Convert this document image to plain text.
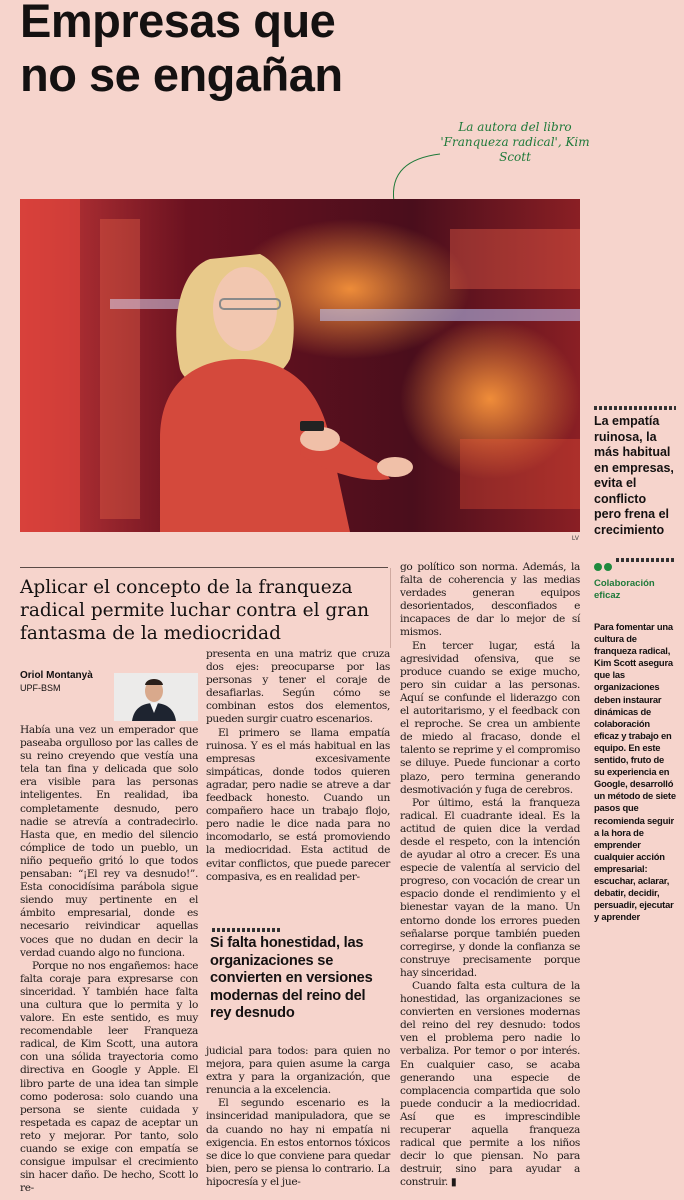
Empresas que
no se engañan
La autora del libro 'Franqueza radical', Kim Scott
LV
La empatía ruinosa, la más habitual en empresas, evita el conflicto pero frena el crecimiento
Colaboración eficaz
Para fomentar una cultura de franqueza radical, Kim Scott asegura que las organizaciones deben instaurar dinámicas de colaboración eficaz y trabajo en equipo. En este sentido, fruto de su experiencia en Google, desarrolló un método de siete pasos que recomienda seguir a la hora de emprender cualquier acción empresarial: escuchar, aclarar, debatir, decidir, persuadir, ejecutar y aprender
Aplicar el concepto de la franqueza radical permite luchar contra el gran fantasma de la mediocridad
Oriol Montanyà
UPF-BSM

Había una vez un emperador que paseaba orgulloso por las calles de su reino creyendo que vestía una tela tan fina y delicada que solo era visible para las personas inteligentes. En realidad, iba completamente desnudo, pero nadie se atrevía a contradecirlo. Hasta que, en medio del silencio cómplice de todo un pueblo, un niño pequeño gritó lo que todos pensaban: “¡El rey va desnudo!”. Esta conocidísima parábola sigue siendo muy pertinente en el ámbito empresarial, donde es necesario reivindicar aquellas voces que no dudan en decir la verdad cuando algo no funciona.

Porque no nos engañemos: hace falta coraje para expresarse con sinceridad. Y también hace falta una cultura que lo permita y lo valore. En este sentido, es muy recomendable leer Franqueza radical, de Kim Scott, una autora con una sólida trayectoria como directiva en Google y Apple. El libro parte de una idea tan simple como poderosa: solo cuando una persona se siente cuidada y respetada es capaz de aceptar un reto y mejorar. Por tanto, solo cuando se exige con empatía se consigue impulsar el crecimiento sin hacer daño. De hecho, Scott lo re-

presenta en una matriz que cruza dos ejes: preocuparse por las personas y tener el coraje de desafiarlas. Según cómo se combinan estos dos elementos, pueden surgir cuatro escenarios.

El primero se llama empatía ruinosa. Y es el más habitual en las empresas excesivamente simpáticas, donde todos quieren agradar, pero nadie se atreve a dar feedback honesto. Cuando un compañero hace un trabajo flojo, pero nadie le dice nada para no incomodarlo, se está promoviendo la mediocridad. Esta actitud de evitar conflictos, que puede parecer compasiva, es en realidad per-

Si falta honestidad, las organizaciones se convierten en versiones modernas del reino del rey desnudo

judicial para todos: para quien no mejora, para quien asume la carga extra y para la organización, que renuncia a la excelencia.

El segundo escenario es la insinceridad manipuladora, que se da cuando no hay ni empatía ni exigencia. En estos entornos tóxicos se dice lo que conviene para quedar bien, pero se piensa lo contrario. La hipocresía y el jue-

go político son norma. Además, la falta de coherencia y las medias verdades generan equipos desorientados, desconfiados e incapaces de dar lo mejor de sí mismos.

En tercer lugar, está la agresividad ofensiva, que se produce cuando se exige mucho, pero sin cuidar a las personas. Aquí se confunde el liderazgo con el autoritarismo, y el feedback con el reproche. Se crea un ambiente de miedo al fracaso, donde el talento se reprime y el compromiso se diluye. Puede funcionar a corto plazo, pero termina generando desmotivación y fuga de cerebros.

Por último, está la franqueza radical. El cuadrante ideal. Es la actitud de quien dice la verdad desde el respeto, con la intención de ayudar al otro a crecer. Es una especie de valentía al servicio del progreso, con vocación de crear un espacio donde el rendimiento y el bienestar vayan de la mano. Un entorno donde los errores pueden señalarse porque también pueden corregirse, y donde la confianza se construye precisamente porque hay sinceridad.

Cuando falta esta cultura de la honestidad, las organizaciones se convierten en versiones modernas del reino del rey desnudo: todos ven el problema pero nadie lo verbaliza. Por temor o por interés. En cualquier caso, se acaba generando una especie de complacencia compartida que solo puede conducir a la mediocridad. Así que es imprescindible recuperar aquella franqueza radical que permite a los niños decir lo que piensan. No para destruir, sino para ayudar a construir. ▮
